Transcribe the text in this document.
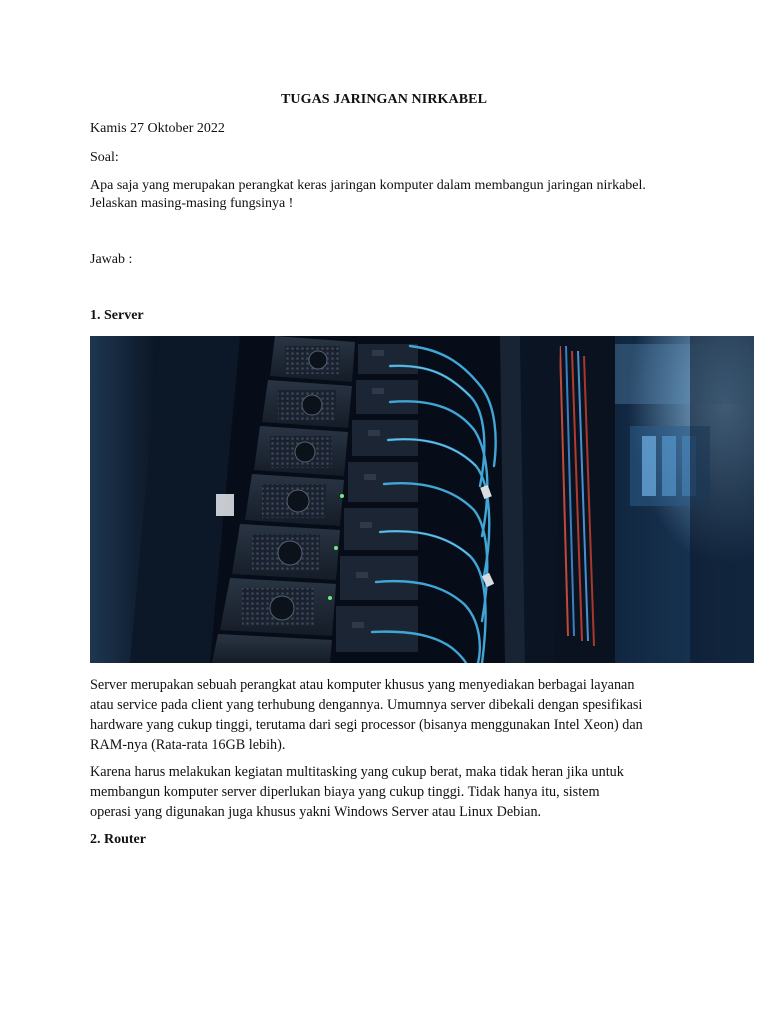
TUGAS JARINGAN NIRKABEL
Kamis 27 Oktober 2022
Soal:
Apa saja yang merupakan perangkat keras jaringan komputer dalam membangun jaringan nirkabel.
Jelaskan masing-masing fungsinya !
Jawab :
1. Server
Server merupakan sebuah perangkat atau komputer khusus yang menyediakan berbagai layanan
atau service pada client yang terhubung dengannya. Umumnya server dibekali dengan spesifikasi
hardware yang cukup tinggi, terutama dari segi processor (bisanya menggunakan Intel Xeon) dan
RAM-nya (Rata-rata 16GB lebih).
Karena harus melakukan kegiatan multitasking yang cukup berat, maka tidak heran jika untuk
membangun komputer server diperlukan biaya yang cukup tinggi. Tidak hanya itu, sistem
operasi yang digunakan juga khusus yakni Windows Server atau Linux Debian.
2. Router
